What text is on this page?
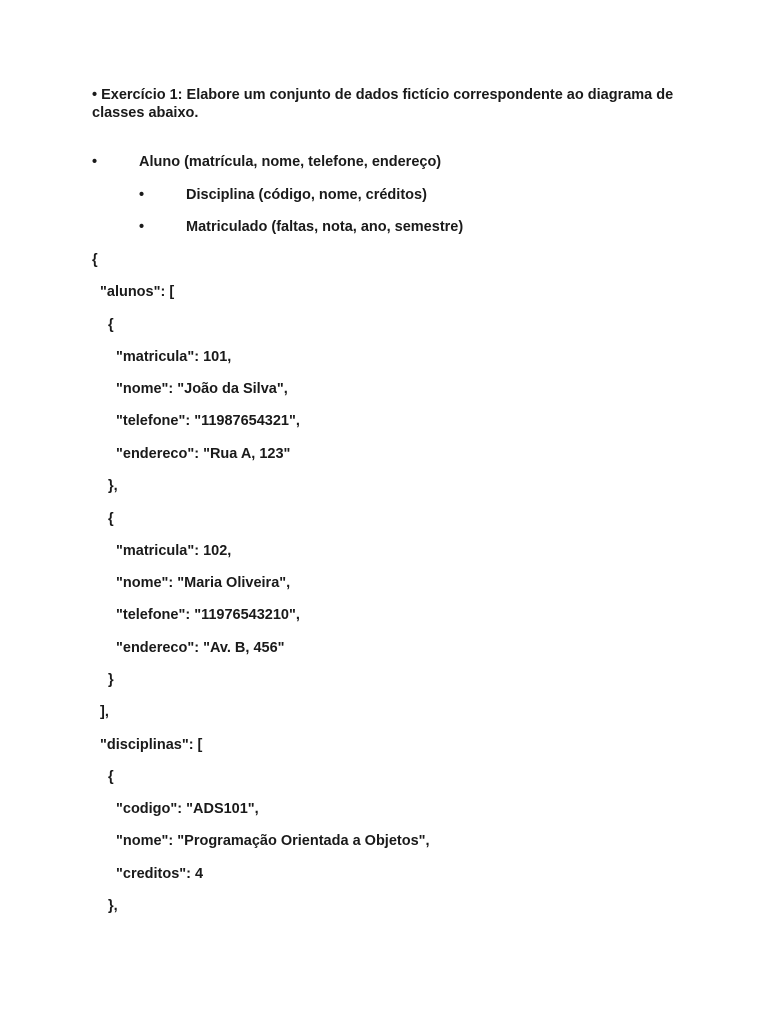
• Exercício 1: Elabore um conjunto de dados fictício correspondente ao diagrama de classes abaixo.

•	Aluno (matrícula, nome, telefone, endereço)
•	Disciplina (código, nome, créditos)
•	Matriculado (faltas, nota, ano, semestre)
{
"alunos": [
{
"matricula": 101,
"nome": "João da Silva",
"telefone": "11987654321",
"endereco": "Rua A, 123"
},
{
"matricula": 102,
"nome": "Maria Oliveira",
"telefone": "11976543210",
"endereco": "Av. B, 456"
}
],
"disciplinas": [
{
"codigo": "ADS101",
"nome": "Programação Orientada a Objetos",
"creditos": 4
},
